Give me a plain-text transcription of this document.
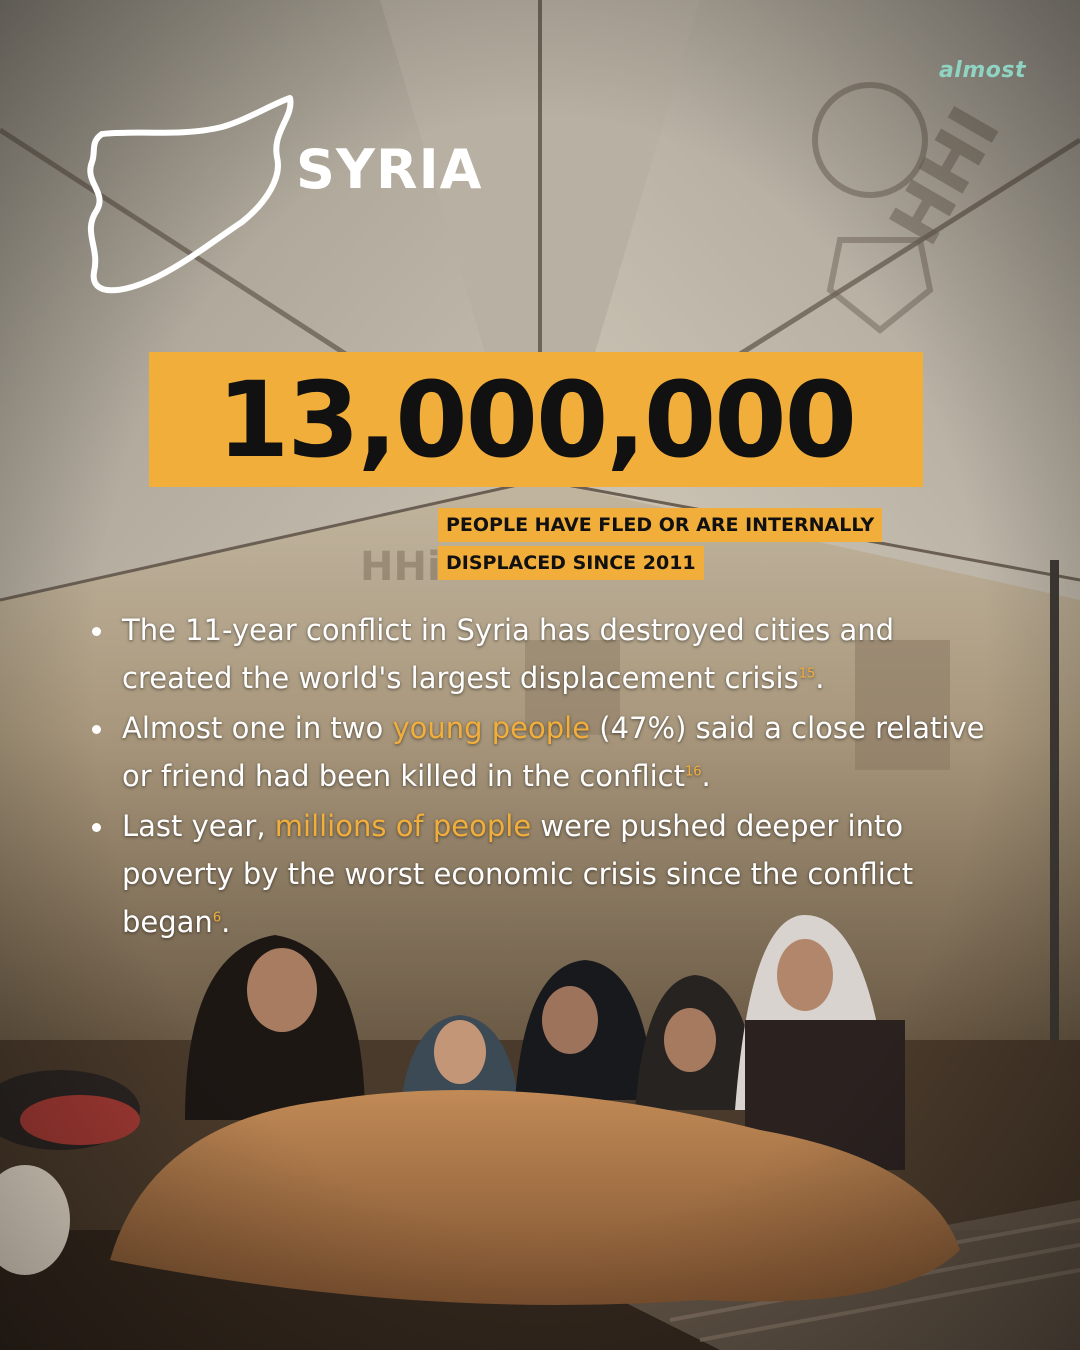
almost
SYRIA
13,000,000
PEOPLE HAVE FLED OR ARE INTERNALLY
DISPLACED SINCE 2011
The 11-year conflict in Syria has destroyed cities and created the world's largest displacement crisis$^{15}$.
Almost one in two young people (47%) said a close relative or friend had been killed in the conflict$^{16}$.
Last year, millions of people were pushed deeper into poverty by the worst economic crisis since the conflict began$^6$.
